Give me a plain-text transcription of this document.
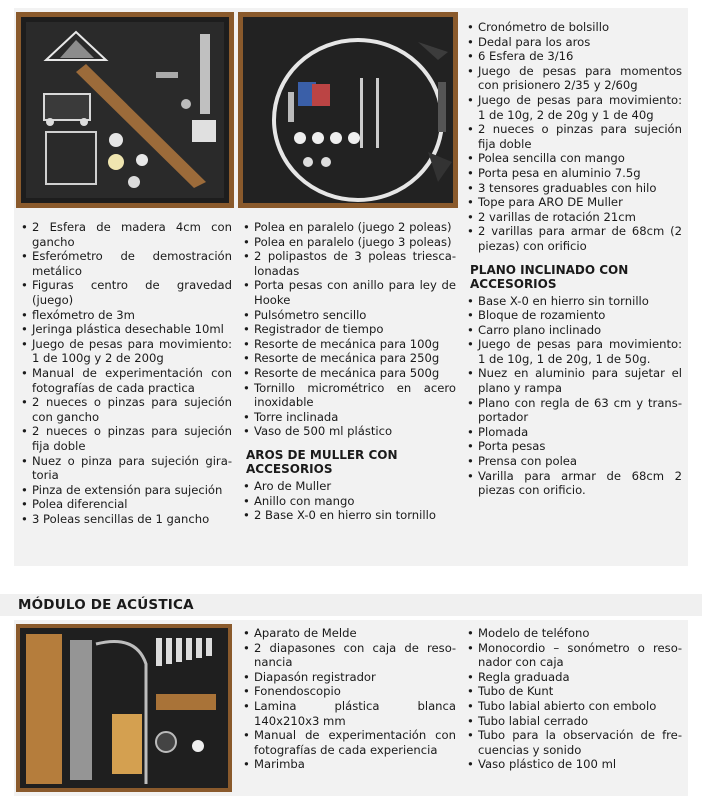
• 2 Esfera de madera 4cm con gancho
• Esferómetro de demostración metálico
• Figuras centro de gravedad (juego)
• flexómetro de 3m
• Jeringa plástica desechable 10ml
• Juego de pesas para movimiento: 1 de 100g y 2 de 200g
• Manual de experimentación con fotografías de cada practica
• 2 nueces o pinzas para sujeción con gancho
• 2 nueces o pinzas para sujeción fija doble
• Nuez o pinza para sujeción giratoria
• Pinza de extensión para sujeción
• Polea diferencial
• 3 Poleas sencillas de 1 gancho
• Polea en paralelo (juego 2 poleas)
• Polea en paralelo (juego 3 poleas)
• 2 polipastos de 3 poleas triescalonadas
• Porta pesas con anillo para ley de Hooke
• Pulsómetro sencillo
• Registrador de tiempo
• Resorte de mecánica para 100g
• Resorte de mecánica para 250g
• Resorte de mecánica para 500g
• Tornillo micrométrico en acero inoxidable
• Torre inclinada
• Vaso de 500 ml plástico
AROS DE MULLER CON ACCESORIOS
• Aro de Muller
• Anillo con mango
• 2 Base X-0 en hierro sin tornillo
• Cronómetro de bolsillo
• Dedal para los aros
• 6 Esfera de 3/16
• Juego de pesas para momentos con prisionero 2/35 y 2/60g
• Juego de pesas para movimiento: 1 de 10g, 2 de 20g y 1 de 40g
• 2 nueces o pinzas para sujeción fija doble
• Polea sencilla con mango
• Porta pesa en aluminio 7.5g
• 3 tensores graduables con hilo
• Tope para ARO DE Muller
• 2 varillas de rotación 21cm
• 2 varillas para armar de 68cm (2 piezas) con orificio
PLANO INCLINADO CON ACCESORIOS
• Base X-0 en hierro sin tornillo
• Bloque de rozamiento
• Carro plano inclinado
• Juego de pesas para movimiento: 1 de 10g, 1 de 20g, 1 de 50g.
• Nuez en aluminio para sujetar el plano y rampa
• Plano con regla de 63 cm y transportador
• Plomada
• Porta pesas
• Prensa con polea
• Varilla para armar de 68cm 2 piezas con orificio.
MÓDULO DE ACÚSTICA
• Aparato de Melde
• 2 diapasones con caja de resonancia
• Diapasón registrador
• Fonendoscopio
• Lamina plástica blanca 140x210x3 mm
• Manual de experimentación con fotografías de cada experiencia
• Marimba
• Modelo de teléfono
• Monocordio – sonómetro o resonador con caja
• Regla graduada
• Tubo de Kunt
• Tubo labial abierto con embolo
• Tubo labial cerrado
• Tubo para la observación de frecuencias y sonido
• Vaso plástico de 100 ml
